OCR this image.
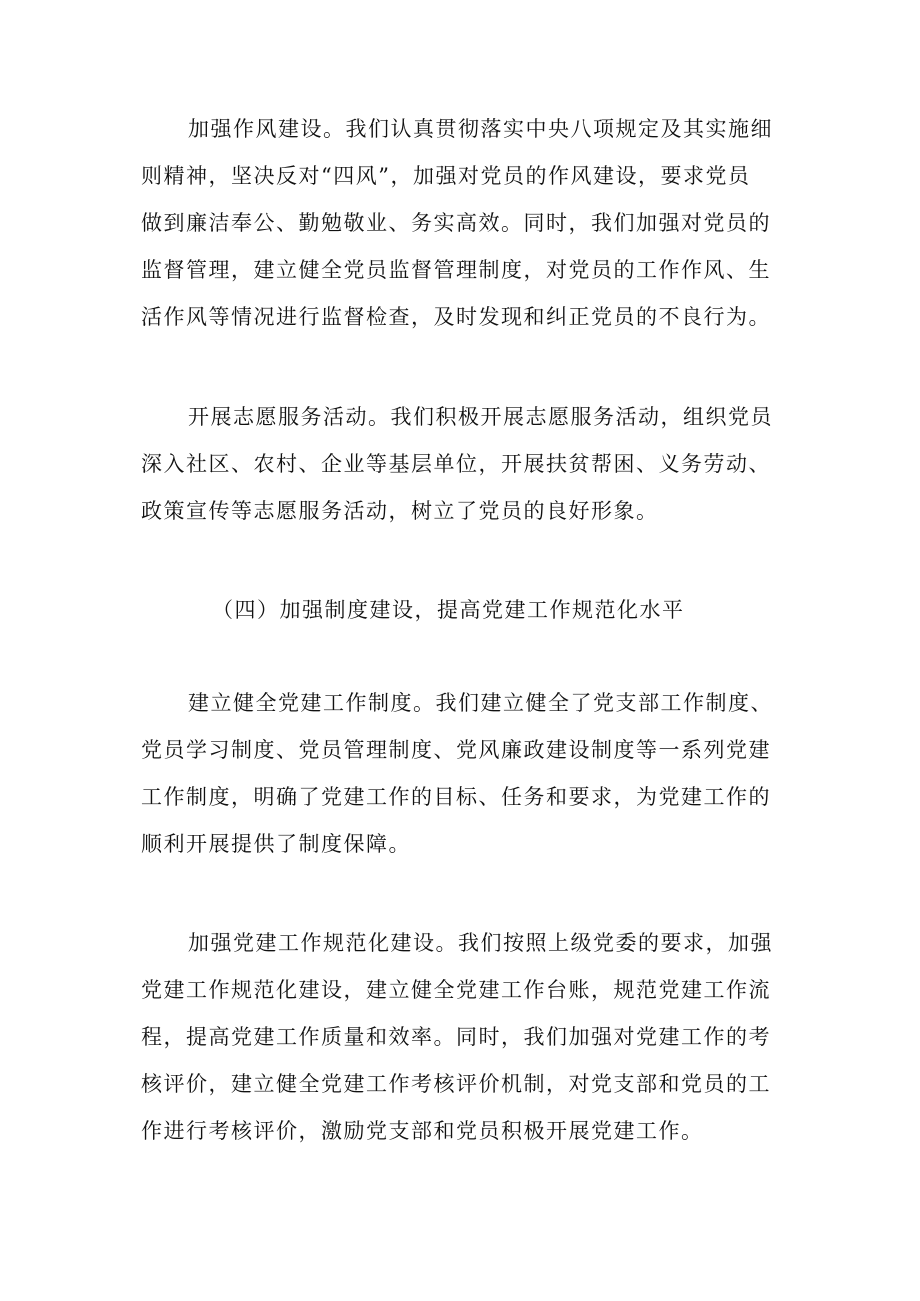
加强作风建设。我们认真贯彻落实中央八项规定及其实施细
则精神，坚决反对“四风”，加强对党员的作风建设，要求党员
做到廉洁奉公、勤勉敬业、务实高效。同时，我们加强对党员的
监督管理，建立健全党员监督管理制度，对党员的工作作风、生
活作风等情况进行监督检查，及时发现和纠正党员的不良行为。

开展志愿服务活动。我们积极开展志愿服务活动，组织党员
深入社区、农村、企业等基层单位，开展扶贫帮困、义务劳动、
政策宣传等志愿服务活动，树立了党员的良好形象。

（四）加强制度建设，提高党建工作规范化水平

建立健全党建工作制度。我们建立健全了党支部工作制度、
党员学习制度、党员管理制度、党风廉政建设制度等一系列党建
工作制度，明确了党建工作的目标、任务和要求，为党建工作的
顺利开展提供了制度保障。

加强党建工作规范化建设。我们按照上级党委的要求，加强
党建工作规范化建设，建立健全党建工作台账，规范党建工作流
程，提高党建工作质量和效率。同时，我们加强对党建工作的考
核评价，建立健全党建工作考核评价机制，对党支部和党员的工
作进行考核评价，激励党支部和党员积极开展党建工作。
